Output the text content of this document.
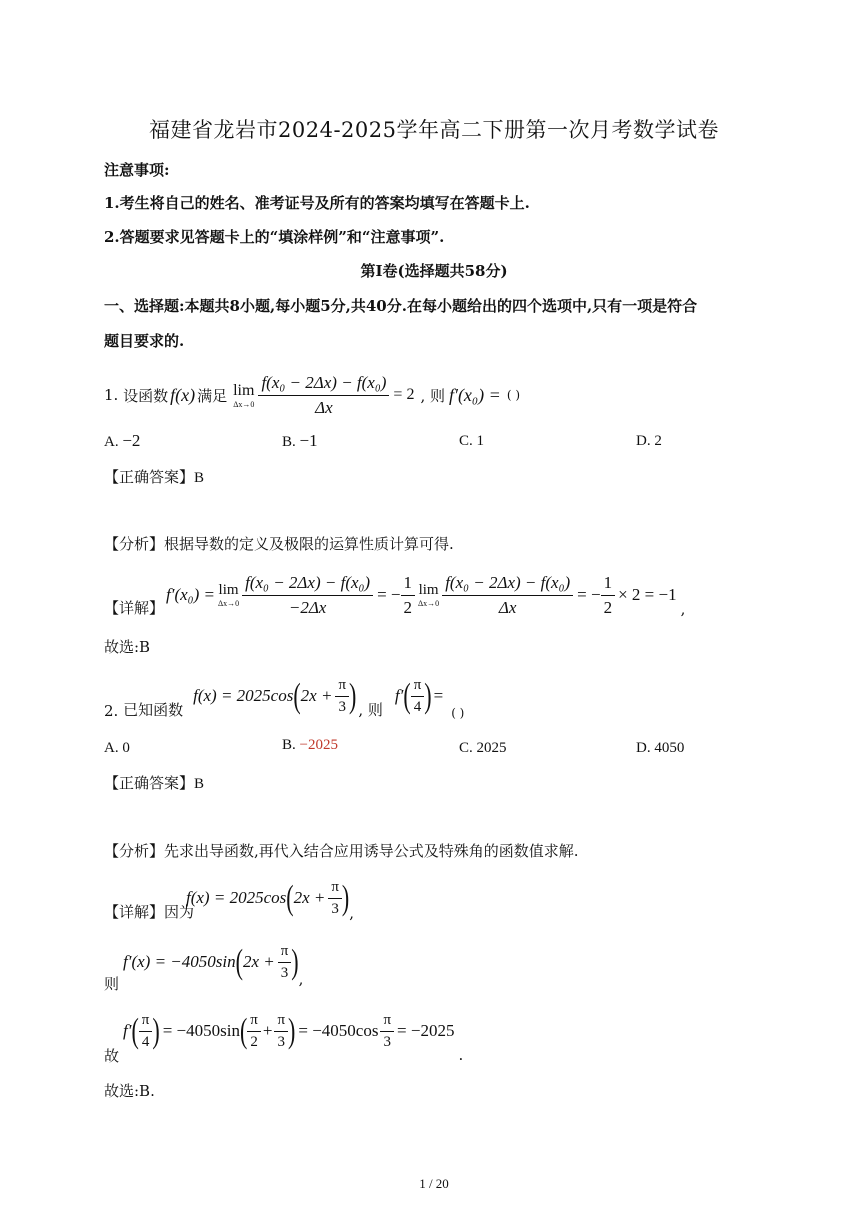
福建省龙岩市2024-2025学年高二下册第一次月考数学试卷
注意事项:
1.考生将自己的姓名、准考证号及所有的答案均填写在答题卡上.
2.答题要求见答题卡上的“填涂样例”和“注意事项”.
第Ⅰ卷(选择题共58分)
一、选择题:本题共8小题,每小题5分,共40分.在每小题给出的四个选项中,只有一项是符合
题目要求的.
1.
设函数 f(x) 满足 lim
$\Delta x\to 0 \frac{\text{f(x₀ − 2Δx) − f(x₀)}}{\Delta x} = 2$ , 则 f′(x₀) = ( )
A. −2	B. −1	C. 1	D. 2
【正确答案】B
【分析】根据导数的定义及极限的运算性质计算可得.
【详解】
f′(x₀) = lim
$\Delta x\to 0 \frac{\text{f(x₀ − 2Δx) − f(x₀)}}{-2\Delta x}$ = − $\frac{1}{2}$ lim
$\Delta x\to 0 \frac{\text{f(x₀ − 2Δx) − f(x₀)}}{\Delta x}$ = − $\frac{1}{2} \times 2 = -1$
,
故选:B
2.
已知函数
f(x) = 2025cos ( $2x + \frac{\pi}{3}$ ) , 则
f′ ( $\frac{\pi}{4}$ ) =
( )
A. 0	B. −2025	C. 2025	D. 4050
【正确答案】B
【分析】先求出导函数,再代入结合应用诱导公式及特殊角的函数值求解.
【详解】 因为
f(x) = 2025cos ( $2x + \frac{\pi}{3}$ ) ,
则
f′(x) = −4050sin ( $2x + \frac{\pi}{3}$ ) ,
故
f′ ( $\frac{\pi}{4}$ ) = −4050sin ( $\frac{\pi}{2} + \frac{\pi}{3}$ ) = $-4050\cos \frac{\pi}{3} = -2025$
.
故选:B.
1 / 20
